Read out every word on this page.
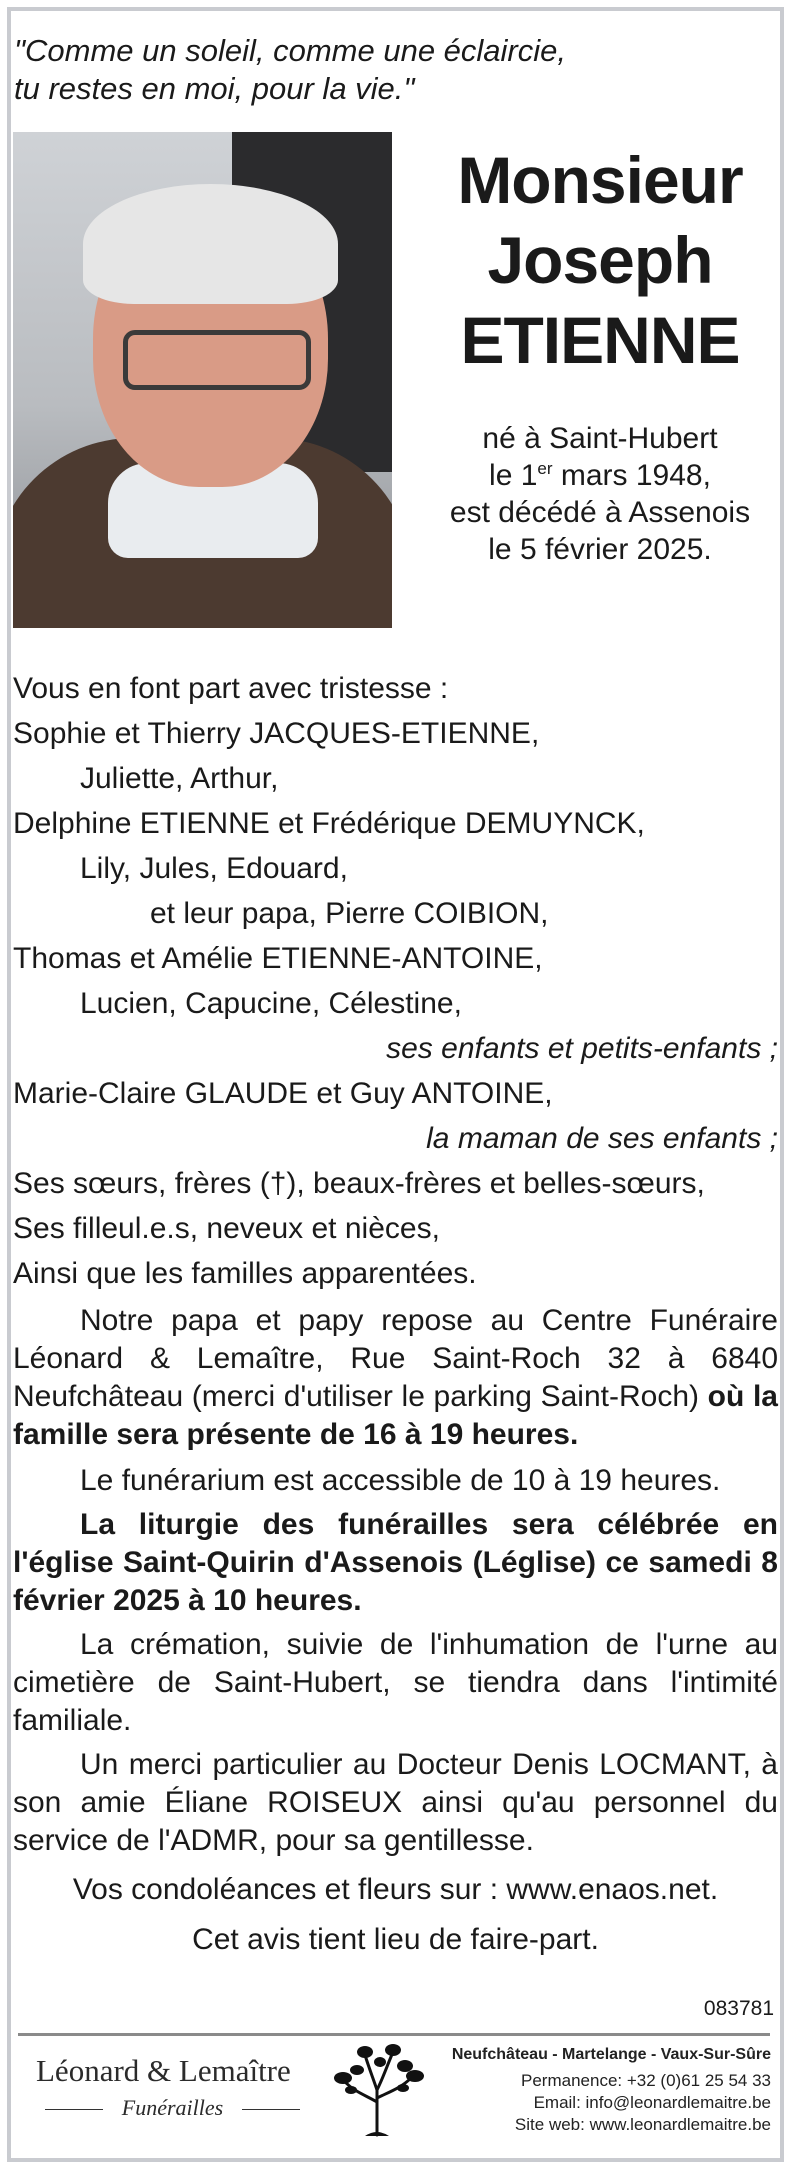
"Comme un soleil, comme une éclaircie,
tu restes en moi, pour la vie."
Monsieur
Joseph
ETIENNE
né à Saint-Hubert
le 1er mars 1948,
est décédé à Assenois
le 5 février 2025.
Vous en font part avec tristesse :
Sophie et Thierry JACQUES-ETIENNE,
Juliette, Arthur,
Delphine ETIENNE et Frédérique DEMUYNCK,
Lily, Jules, Edouard,
et leur papa, Pierre COIBION,
Thomas et Amélie ETIENNE-ANTOINE,
Lucien, Capucine, Célestine,
ses enfants et petits-enfants ;
Marie-Claire GLAUDE et Guy ANTOINE,
la maman de ses enfants ;
Ses sœurs, frères (†), beaux-frères et belles-sœurs,
Ses filleul.e.s, neveux et nièces,
Ainsi que les familles apparentées.
Notre papa et papy repose au Centre Funéraire Léonard & Lemaître, Rue Saint-Roch 32 à 6840 Neufchâteau (merci d'utiliser le parking Saint-Roch) où la famille sera présente de 16 à 19 heures.
Le funérarium est accessible de 10 à 19 heures.
La liturgie des funérailles sera célébrée en l'église Saint-Quirin d'Assenois (Léglise) ce samedi 8 février 2025 à 10 heures.
La crémation, suivie de l'inhumation de l'urne au cimetière de Saint-Hubert, se tiendra dans l'intimité familiale.
Un merci particulier au Docteur Denis LOCMANT, à son amie Éliane ROISEUX ainsi qu'au personnel du service de l'ADMR, pour sa gentillesse.
Vos condoléances et fleurs sur : www.enaos.net.
Cet avis tient lieu de faire-part.
083781
Léonard & Lemaître
Funérailles
Neufchâteau - Martelange - Vaux-Sur-Sûre
Permanence: +32 (0)61 25 54 33
Email: info@leonardlemaitre.be
Site web: www.leonardlemaitre.be
